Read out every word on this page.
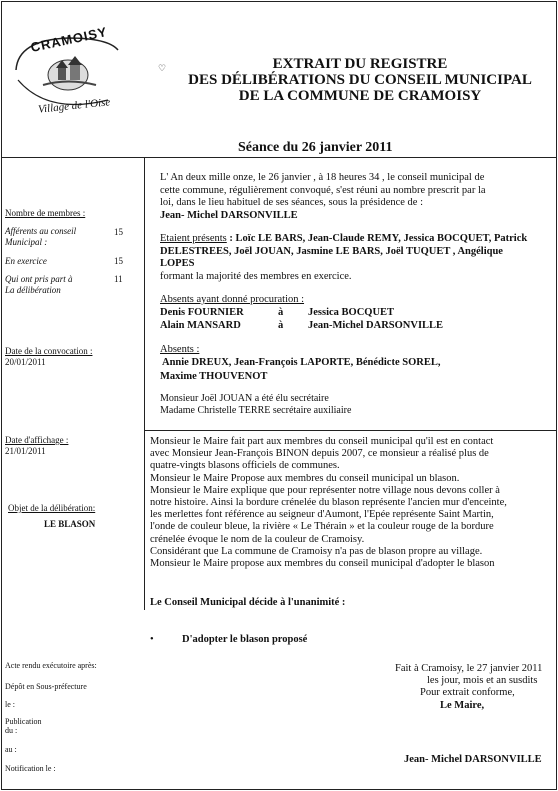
CRAMOISY
Village de l'Oise
♡	EXTRAIT DU REGISTRE
DES DÉLIBÉRATIONS DU CONSEIL MUNICIPAL
DE LA COMMUNE DE CRAMOISY
Séance du 26 janvier 2011
Nombre de membres :
Afférents au conseil
Municipal :
15
En exercice	15
Qui ont pris part à
La délibération
11
Date de la convocation :
20/01/2011
Date d'affichage :
21/01/2011
Objet de la délibération:
LE BLASON
Acte rendu exécutoire après:
Dépôt en Sous-préfecture
le :
Publication
du :
au :
Notification le :
L' An deux mille onze, le 26 janvier , à 18 heures 34 , le conseil municipal de
cette commune, régulièrement convoqué, s'est réuni au nombre prescrit par la
loi, dans le lieu habituel de ses séances, sous la présidence de :
Jean- Michel DARSONVILLE
Etaient présents : Loïc LE BARS, Jean-Claude REMY, Jessica BOCQUET, Patrick
DELESTREES, Joël JOUAN, Jasmine LE BARS, Joël TUQUET , Angélique
LOPES
formant la majorité des membres en exercice.
Absents ayant donné procuration :
Denis FOURNIER	à Jessica BOCQUET
Alain MANSARD	à Jean-Michel DARSONVILLE
Absents :
Annie DREUX, Jean-François LAPORTE, Bénédicte SOREL,
Maxime THOUVENOT
Monsieur Joël JOUAN a été élu secrétaire
Madame Christelle TERRE secrétaire auxiliaire
Monsieur le Maire fait part aux membres du conseil municipal qu'il est en contact
avec Monsieur Jean-François BINON depuis 2007, ce monsieur a réalisé plus de
quatre-vingts blasons officiels de communes.
Monsieur le Maire Propose aux membres du conseil municipal un blason.
Monsieur le Maire explique que pour représenter notre village nous devons coller à
notre histoire. Ainsi la bordure crénelée du blason représente l'ancien mur d'enceinte,
les merlettes font référence au seigneur d'Aumont, l'Epée représente Saint Martin,
l'onde de couleur bleue, la rivière « Le Thérain » et la couleur rouge de la bordure
crénelée évoque le nom de la couleur de Cramoisy.
Considérant que La commune de Cramoisy n'a pas de blason propre au village.
Monsieur le Maire propose aux membres du conseil municipal d'adopter le blason
Le Conseil Municipal décide à l'unanimité :
•	D'adopter le blason proposé
Fait à Cramoisy, le 27 janvier 2011
les jour, mois et an susdits
Pour extrait conforme,
Le Maire,
Jean- Michel DARSONVILLE
